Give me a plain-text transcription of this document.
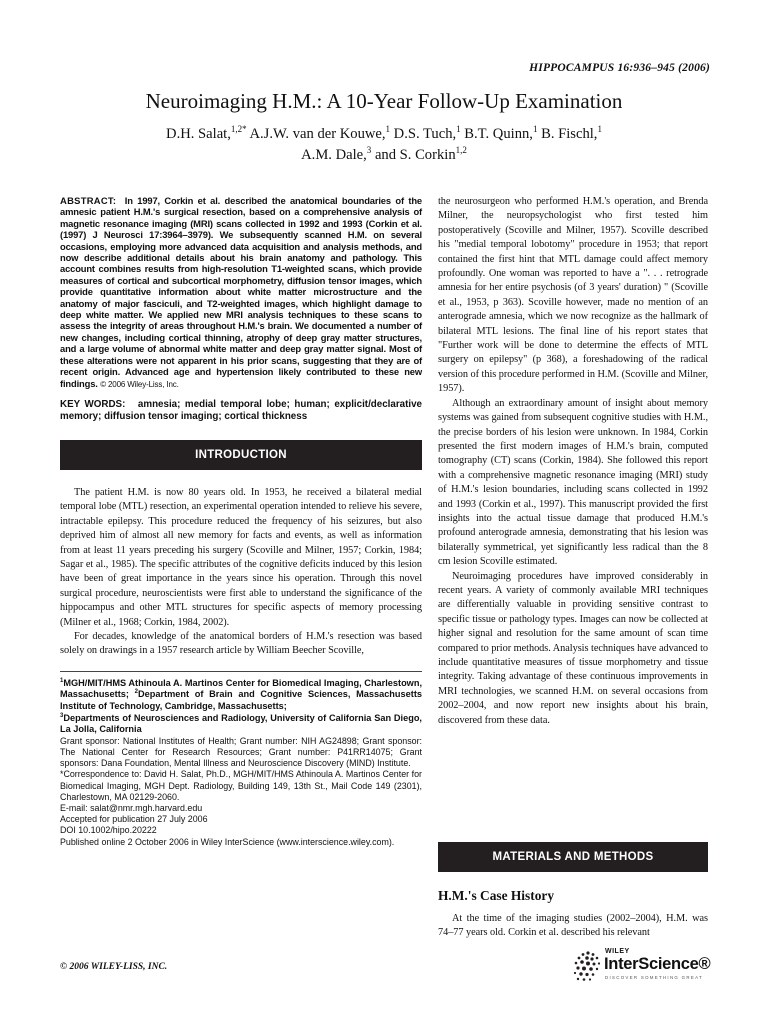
HIPPOCAMPUS 16:936–945 (2006)
Neuroimaging H.M.: A 10-Year Follow-Up Examination
D.H. Salat,$^{1,2*}$ A.J.W. van der Kouwe,$^1$ D.S. Tuch,$^1$ B.T. Quinn,$^1$ B. Fischl,$^1$
A.M. Dale,$^3$ and S. Corkin$^{1,2}$

ABSTRACT: In 1997, Corkin et al. described the anatomical boundaries of the amnesic patient H.M.'s surgical resection, based on a comprehensive analysis of magnetic resonance imaging (MRI) scans collected in 1992 and 1993 (Corkin et al. (1997) J Neurosci 17:3964–3979). We subsequently scanned H.M. on several occasions, employing more advanced data acquisition and analysis methods, and now describe additional details about his brain anatomy and pathology. This account combines results from high-resolution T1-weighted scans, which provide measures of cortical and subcortical morphometry, diffusion tensor images, which provide quantitative information about white matter microstructure and the anatomy of major fasciculi, and T2-weighted images, which highlight damage to deep white matter. We applied new MRI analysis techniques to these scans to assess the integrity of areas throughout H.M.'s brain. We documented a number of new changes, including cortical thinning, atrophy of deep gray matter structures, and a large volume of abnormal white matter and deep gray matter signal. Most of these alterations were not apparent in his prior scans, suggesting that they are of recent origin. Advanced age and hypertension likely contributed to these new findings. © 2006 Wiley-Liss, Inc.

KEY WORDS: amnesia; medial temporal lobe; human; explicit/declarative memory; diffusion tensor imaging; cortical thickness

INTRODUCTION

The patient H.M. is now 80 years old. In 1953, he received a bilateral medial temporal lobe (MTL) resection, an experimental operation intended to relieve his severe, intractable epilepsy. This procedure reduced the frequency of his seizures, but also deprived him of almost all new memory for facts and events, as well as information from at least 11 years preceding his surgery (Scoville and Milner, 1957; Corkin, 1984; Sagar et al., 1985). The specific attributes of the cognitive deficits induced by this lesion have been of great importance in the years since his operation. Through this novel surgical procedure, neuroscientists were first able to understand the significance of the hippocampus and other MTL structures for specific aspects of memory processing (Milner et al., 1968; Corkin, 1984, 2002).

For decades, knowledge of the anatomical borders of H.M.'s resection was based solely on drawings in a 1957 research article by William Beecher Scoville,

$^1$MGH/MIT/HMS Athinoula A. Martinos Center for Biomedical Imaging, Charlestown, Massachusetts; $^2$Department of Brain and Cognitive Sciences, Massachusetts Institute of Technology, Cambridge, Massachusetts;
$^3$Departments of Neurosciences and Radiology, University of California San Diego, La Jolla, California

Grant sponsor: National Institutes of Health; Grant number: NIH AG24898; Grant sponsor: The National Center for Research Resources; Grant number: P41RR14075; Grant sponsors: Dana Foundation, Mental Illness and Neuroscience Discovery (MIND) Institute.

*Correspondence to: David H. Salat, Ph.D., MGH/MIT/HMS Athinoula A. Martinos Center for Biomedical Imaging, MGH Dept. Radiology, Building 149, 13th St., Mail Code 149 (2301), Charlestown, MA 02129-2060.

E-mail: salat@nmr.mgh.harvard.edu

Accepted for publication 27 July 2006

DOI 10.1002/hipo.20222

Published online 2 October 2006 in Wiley InterScience (www.interscience.wiley.com).

© 2006 WILEY-LISS, INC.

the neurosurgeon who performed H.M.'s operation, and Brenda Milner, the neuropsychologist who first tested him postoperatively (Scoville and Milner, 1957). Scoville described his "medial temporal lobotomy" procedure in 1953; that report contained the first hint that MTL damage could affect memory profoundly. One woman was reported to have a ". . . retrograde amnesia for her entire psychosis (of 3 years' duration) " (Scoville et al., 1953, p 363). Scoville however, made no mention of an anterograde amnesia, which we now recognize as the hallmark of bilateral MTL lesions. The final line of his report states that "Further work will be done to determine the effects of MTL surgery on epilepsy" (p 368), a foreshadowing of the radical version of this procedure performed in H.M. (Scoville and Milner, 1957).

Although an extraordinary amount of insight about memory systems was gained from subsequent cognitive studies with H.M., the precise borders of his lesion were unknown. In 1984, Corkin presented the first modern images of H.M.'s brain, computed tomography (CT) scans (Corkin, 1984). She followed this report with a comprehensive magnetic resonance imaging (MRI) study of H.M.'s lesion boundaries, including scans collected in 1992 and 1993 (Corkin et al., 1997). This manuscript provided the first insights into the actual tissue damage that produced H.M.'s profound anterograde amnesia, demonstrating that his lesion was bilaterally symmetrical, yet significantly less radical than the 8 cm lesion Scoville estimated.

Neuroimaging procedures have improved considerably in recent years. A variety of commonly available MRI techniques are differentially valuable in providing sensitive contrast to specific tissue or pathology types. Images can now be collected at higher signal and resolution for the same amount of scan time compared to prior methods. Analysis techniques have advanced to include quantitative measures of tissue morphometry and tissue integrity. Taking advantage of these continuous improvements in MRI technologies, we scanned H.M. on several occasions from 2002–2004, and now report new insights about his brain, discovered from these data.

MATERIALS AND METHODS
H.M.'s Case History

At the time of the imaging studies (2002–2004), H.M. was 74–77 years old. Corkin et al. described his relevant

WILEY
InterScience®
DISCOVER SOMETHING GREAT
